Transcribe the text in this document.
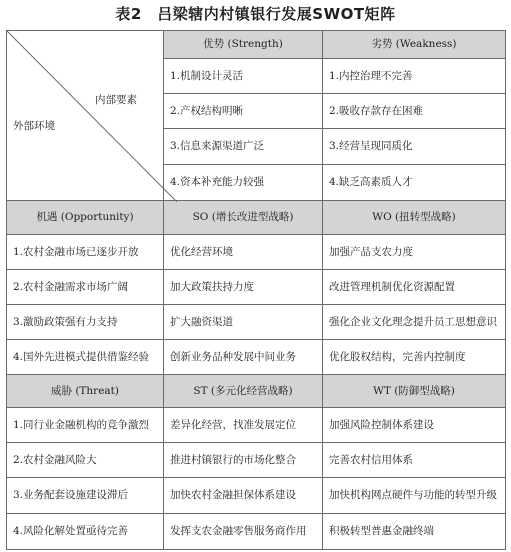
表2　吕梁辖内村镇银行发展SWOT矩阵
内部要素
外部环境	优势 (Strength)	劣势 (Weakness)
	1.机制设计灵活	1.内控治理不完善
	2.产权结构明晰	2.吸收存款存在困难
	3.信息来源渠道广泛	3.经营呈现同质化
	4.资本补充能力较强	4.缺乏高素质人才
机遇 (Opportunity)	SO (增长改进型战略)	WO (扭转型战略)
1.农村金融市场已逐步开放	优化经营环境	加强产品支农力度
2.农村金融需求市场广阔	加大政策扶持力度	改进管理机制优化资源配置
3.激励政策强有力支持	扩大融资渠道	强化企业文化理念提升员工思想意识
4.国外先进模式提供借鉴经验	创新业务品种发展中间业务	优化股权结构，完善内控制度
威胁 (Threat)	ST (多元化经营战略)	WT (防御型战略)
1.同行业金融机构的竞争激烈	差异化经营，找准发展定位	加强风险控制体系建设
2.农村金融风险大	推进村镇银行的市场化整合	完善农村信用体系
3.业务配套设施建设滞后	加快农村金融担保体系建设	加快机构网点硬件与功能的转型升级
4.风险化解处置亟待完善	发挥支农金融零售服务商作用	积极转型普惠金融终端
